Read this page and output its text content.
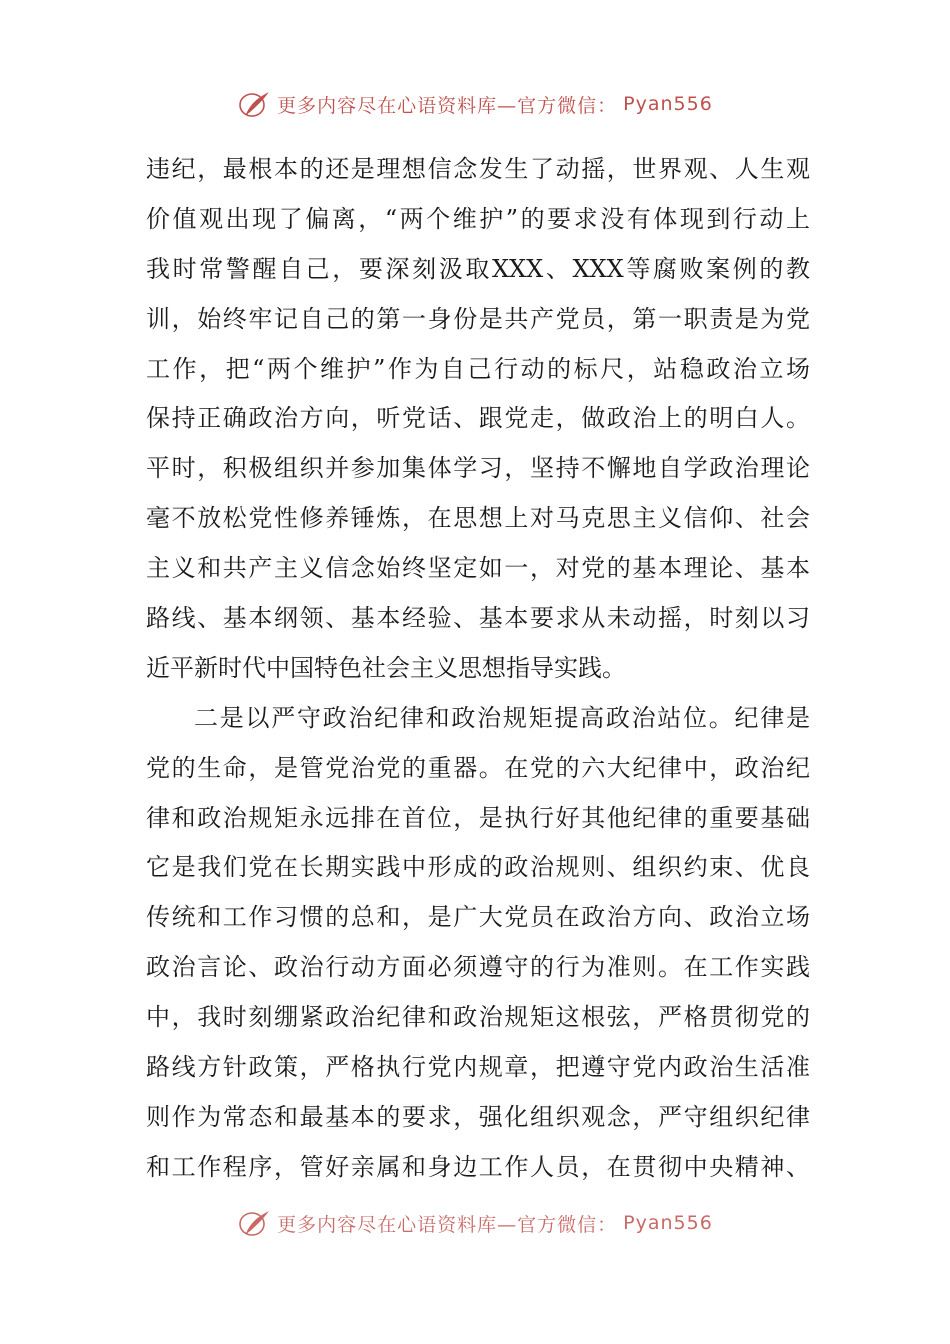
更多内容尽在心语资料库—官方微信： Pyan556
违纪，最根本的还是理想信念发生了动摇，世界观、人生观
价值观出现了偏离，“两个维护”的要求没有体现到行动上
我时常警醒自己，要深刻汲取XXX、XXX等腐败案例的教
训，始终牢记自己的第一身份是共产党员，第一职责是为党
工作，把“两个维护”作为自己行动的标尺，站稳政治立场
保持正确政治方向，听党话、跟党走，做政治上的明白人。
平时，积极组织并参加集体学习，坚持不懈地自学政治理论
毫不放松党性修养锤炼，在思想上对马克思主义信仰、社会
主义和共产主义信念始终坚定如一，对党的基本理论、基本
路线、基本纲领、基本经验、基本要求从未动摇，时刻以习
近平新时代中国特色社会主义思想指导实践。
二是以严守政治纪律和政治规矩提高政治站位。纪律是
党的生命，是管党治党的重器。在党的六大纪律中，政治纪
律和政治规矩永远排在首位，是执行好其他纪律的重要基础
它是我们党在长期实践中形成的政治规则、组织约束、优良
传统和工作习惯的总和，是广大党员在政治方向、政治立场
政治言论、政治行动方面必须遵守的行为准则。在工作实践
中，我时刻绷紧政治纪律和政治规矩这根弦，严格贯彻党的
路线方针政策，严格执行党内规章，把遵守党内政治生活准
则作为常态和最基本的要求，强化组织观念，严守组织纪律
和工作程序，管好亲属和身边工作人员，在贯彻中央精神、
更多内容尽在心语资料库—官方微信： Pyan556
